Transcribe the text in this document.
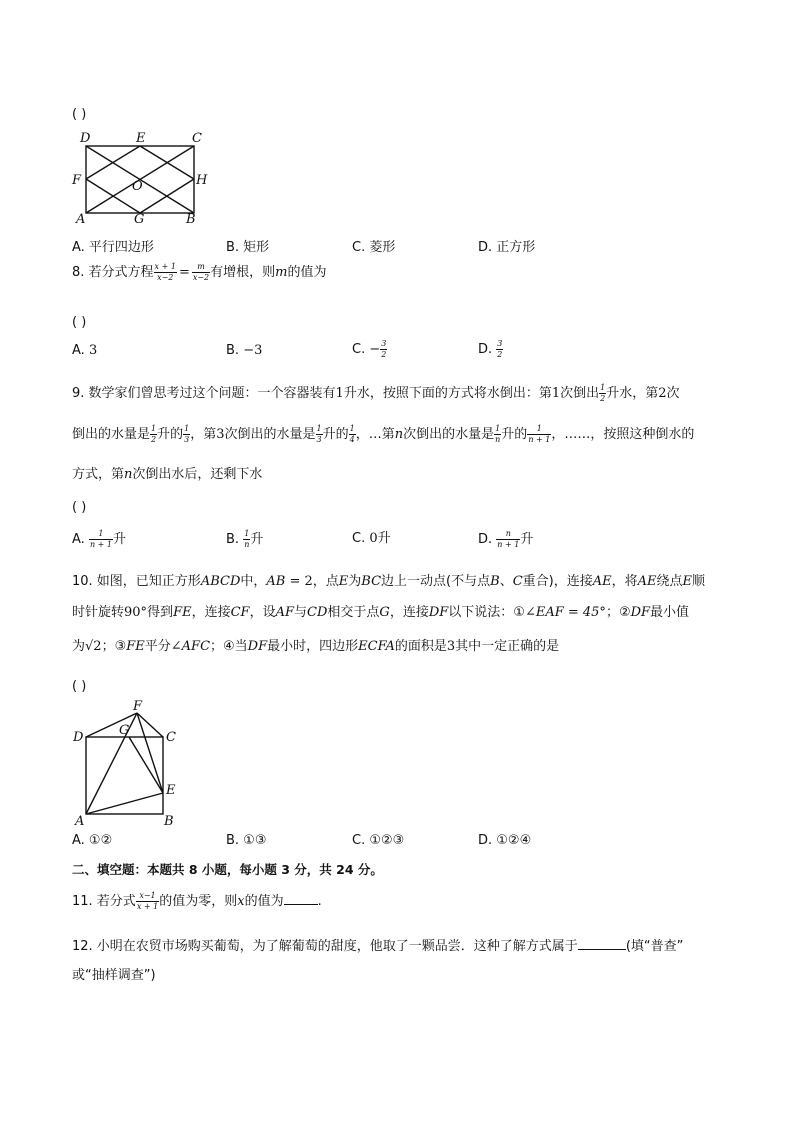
( )
D	E	C
F	O	H
A	G	B
A. 平行四边形	B. 矩形	C. 菱形	D. 正方形
8. 若分式方程 $\frac{x + 1}{x-2} = \frac{m}{x-2}$ 有增根，则m的值为
( )
A. 3	B. −3	C. − $\frac{3}{2}$	D. $\frac{3}{2}$
9. 数学家们曾思考过这个问题：一个容器装有1升水，按照下面的方式将水倒出：第1次倒出 $\frac{1}{2}$ 升水，第2次
倒出的水量是 $\frac{1}{2}$ 升的 $\frac{1}{3}$ ，第3次倒出的水量是 $\frac{1}{3}$ 升的 $\frac{1}{4}$ ，…第n次倒出的水量是 $\frac{1}{n}$ 升的 $\frac{1}{n + 1}$ ，……，按照这种倒水的
方式，第n次倒出水后，还剩下水
( )
A. $\frac{1}{n + 1}$ 升	B. $\frac{1}{n}$ 升	C. 0升	D. $\frac{n}{n + 1}$ 升
10. 如图，已知正方形ABCD中，AB = 2，点E为BC边上一动点(不与点B、C重合)，连接AE，将AE绕点E顺
时针旋转90°得到FE，连接CF，设AF与CD相交于点G，连接DF以下说法：①∠EAF = 45°；②DF最小值
为√2；③FE平分∠AFC；④当DF最小时，四边形ECFA的面积是3其中一定正确的是
( )
F
G
D	C
E
A	B
A. ①②	B. ①③	C. ①②③	D. ①②④
二、填空题：本题共 8 小题，每小题 3 分，共 24 分。
11. 若分式 $\frac{x-1}{x + 1}$ 的值为零，则x的值为	.
12. 小明在农贸市场购买葡萄，为了解葡萄的甜度，他取了一颗品尝．这种了解方式属于	(填“普查”
或“抽样调查”)
